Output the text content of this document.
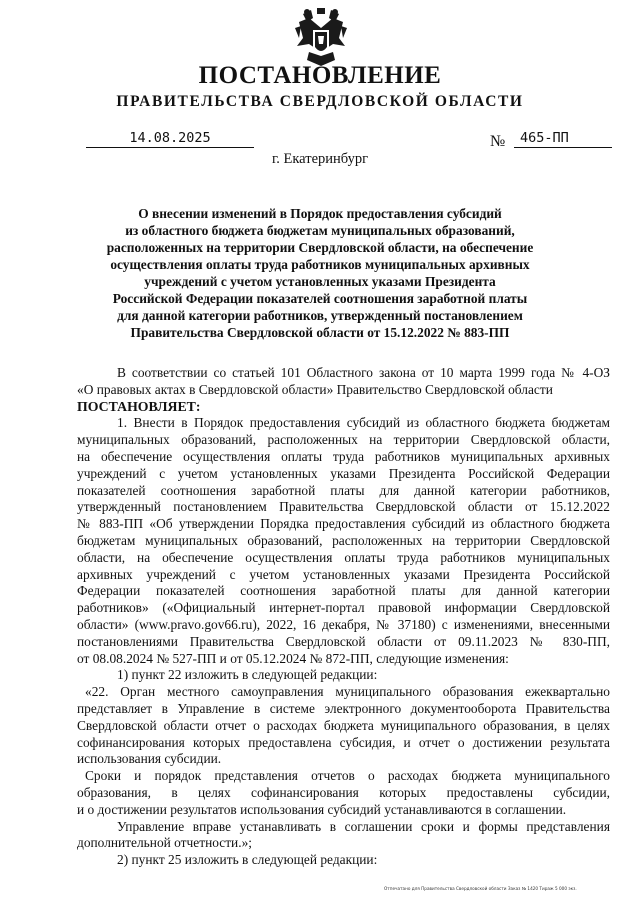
ПОСТАНОВЛЕНИЕ
ПРАВИТЕЛЬСТВА СВЕРДЛОВСКОЙ ОБЛАСТИ
14.08.2025	№	465-ПП
г. Екатеринбург
О внесении изменений в Порядок предоставления субсидий
из областного бюджета бюджетам муниципальных образований,
расположенных на территории Свердловской области, на обеспечение
осуществления оплаты труда работников муниципальных архивных
учреждений с учетом установленных указами Президента
Российской Федерации показателей соотношения заработной платы
для данной категории работников, утвержденный постановлением
Правительства Свердловской области от 15.12.2022 № 883-ПП
В соответствии со статьей 101 Областного закона от 10 марта 1999 года № 4-ОЗ
«О правовых актах в Свердловской области» Правительство Свердловской области
ПОСТАНОВЛЯЕТ:
1. Внести в Порядок предоставления субсидий из областного бюджета бюджетам
муниципальных образований, расположенных на территории Свердловской области,
на обеспечение осуществления оплаты труда работников муниципальных архивных
учреждений с учетом установленных указами Президента Российской Федерации
показателей соотношения заработной платы для данной категории работников,
утвержденный постановлением Правительства Свердловской области от 15.12.2022
№ 883-ПП «Об утверждении Порядка предоставления субсидий из областного бюджета
бюджетам муниципальных образований, расположенных на территории Свердловской
области, на обеспечение осуществления оплаты труда работников муниципальных
архивных учреждений с учетом установленных указами Президента Российской
Федерации показателей соотношения заработной платы для данной категории
работников» («Официальный интернет-портал правовой информации Свердловской
области» (www.pravo.gov66.ru), 2022, 16 декабря, № 37180) с изменениями, внесенными
постановлениями Правительства Свердловской области от 09.11.2023 № 830-ПП,
от 08.08.2024 № 527-ПП и от 05.12.2024 № 872-ПП, следующие изменения:
1) пункт 22 изложить в следующей редакции:
«22. Орган местного самоуправления муниципального образования ежеквартально
представляет в Управление в системе электронного документооборота Правительства
Свердловской области отчет о расходах бюджета муниципального образования, в целях
софинансирования которых предоставлена субсидия, и отчет о достижении результата
использования субсидии.
Сроки и порядок представления отчетов о расходах бюджета муниципального
образования, в целях софинансирования которых предоставлены субсидии,
и о достижении результатов использования субсидий устанавливаются в соглашении.
Управление вправе устанавливать в соглашении сроки и формы представления
дополнительной отчетности.»;
2) пункт 25 изложить в следующей редакции:
Отпечатано для Правительства Свердловской области Заказ № 1420 Тираж 5 000 экз.
